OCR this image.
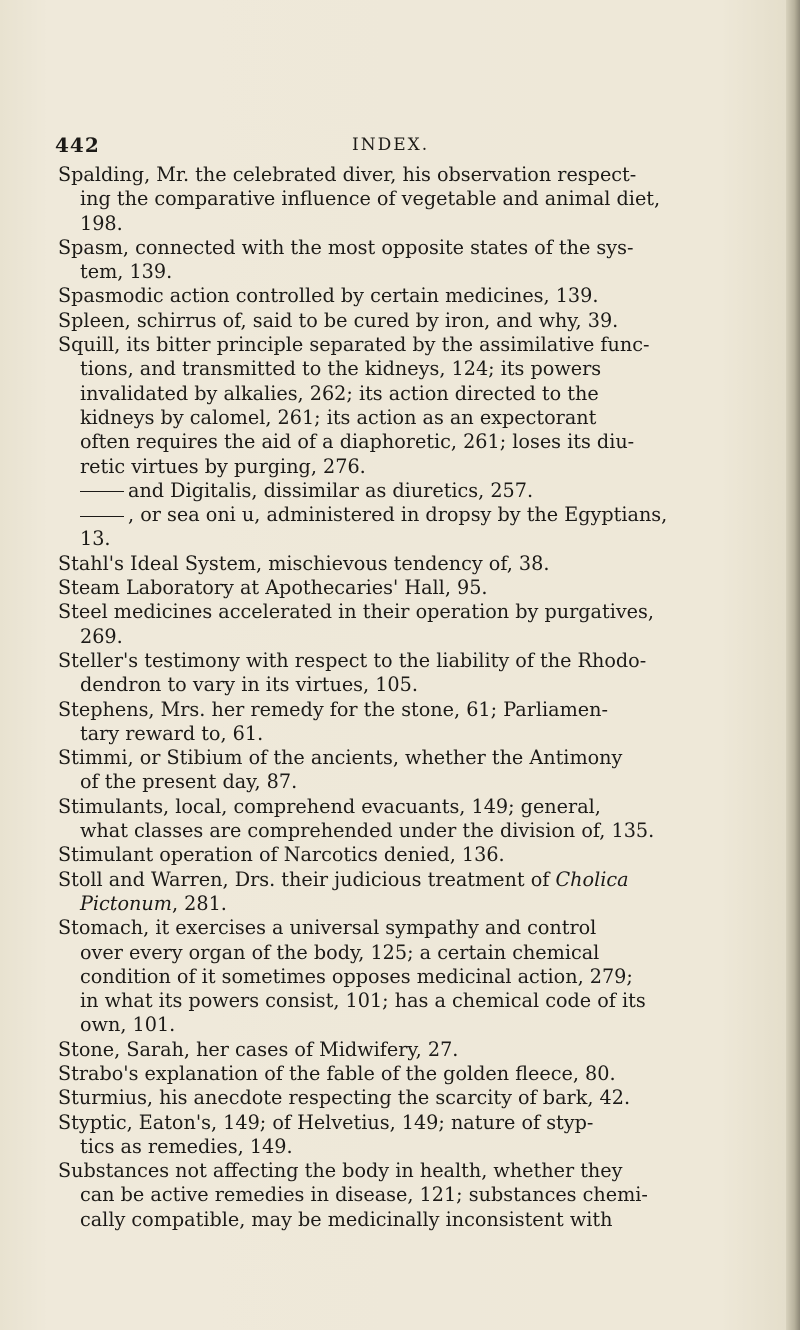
442	INDEX.

Spalding, Mr. the celebrated diver, his observation respect-
ing the comparative influence of vegetable and animal diet,
198.

Spasm, connected with the most opposite states of the sys-
tem, 139.

Spasmodic action controlled by certain medicines, 139.

Spleen, schirrus of, said to be cured by iron, and why, 39.

Squill, its bitter principle separated by the assimilative func-
tions, and transmitted to the kidneys, 124; its powers
invalidated by alkalies, 262; its action directed to the
kidneys by calomel, 261; its action as an expectorant
often requires the aid of a diaphoretic, 261; loses its diu-
retic virtues by purging, 276.

and Digitalis, dissimilar as diuretics, 257.

, or sea oni u, administered in dropsy by the Egyptians,
13.

Stahl's Ideal System, mischievous tendency of, 38.

Steam Laboratory at Apothecaries' Hall, 95.

Steel medicines accelerated in their operation by purgatives,
269.

Steller's testimony with respect to the liability of the Rhodo-
dendron to vary in its virtues, 105.

Stephens, Mrs. her remedy for the stone, 61; Parliamen-
tary reward to, 61.

Stimmi, or Stibium of the ancients, whether the Antimony
of the present day, 87.

Stimulants, local, comprehend evacuants, 149; general,
what classes are comprehended under the division of, 135.

Stimulant operation of Narcotics denied, 136.

Stoll and Warren, Drs. their judicious treatment of Cholica
Pictonum, 281.

Stomach, it exercises a universal sympathy and control
over every organ of the body, 125; a certain chemical
condition of it sometimes opposes medicinal action, 279;
in what its powers consist, 101; has a chemical code of its
own, 101.

Stone, Sarah, her cases of Midwifery, 27.

Strabo's explanation of the fable of the golden fleece, 80.

Sturmius, his anecdote respecting the scarcity of bark, 42.

Styptic, Eaton's, 149; of Helvetius, 149; nature of styp-
tics as remedies, 149.

Substances not affecting the body in health, whether they
can be active remedies in disease, 121; substances chemi-
cally compatible, may be medicinally inconsistent with
